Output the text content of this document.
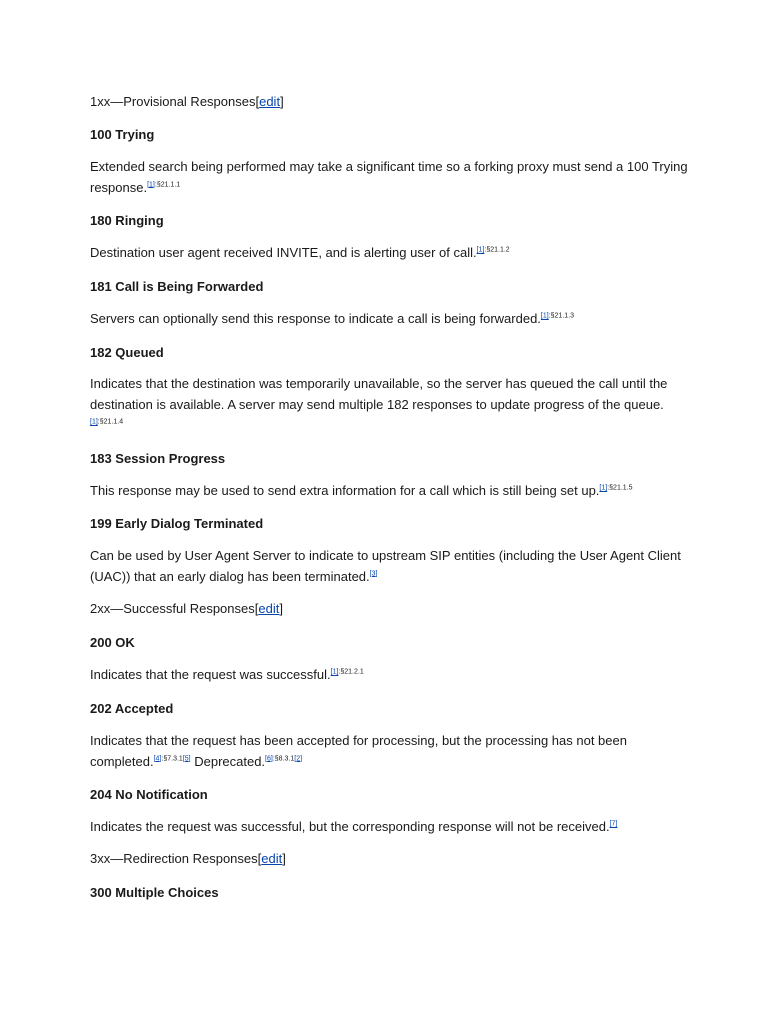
1xx—Provisional Responses[edit]
100 Trying
Extended search being performed may take a significant time so a forking proxy must send a 100 Trying response.$^{[1]:\S 21.1.1}$
180 Ringing
Destination user agent received INVITE, and is alerting user of call.$^{[1]:\S 21.1.2}$
181 Call is Being Forwarded
Servers can optionally send this response to indicate a call is being forwarded.$^{[1]:\S 21.1.3}$
182 Queued
Indicates that the destination was temporarily unavailable, so the server has queued the call until the destination is available. A server may send multiple 182 responses to update progress of the queue.$^{[1]:\S 21.1.4}$
183 Session Progress
This response may be used to send extra information for a call which is still being set up.$^{[1]:\S 21.1.5}$
199 Early Dialog Terminated
Can be used by User Agent Server to indicate to upstream SIP entities (including the User Agent Client (UAC)) that an early dialog has been terminated.[3]
2xx—Successful Responses[edit]
200 OK
Indicates that the request was successful.$^{[1]:\S 21.2.1}$
202 Accepted
Indicates that the request has been accepted for processing, but the processing has not been completed.[4]:§7.3.1[5] Deprecated.[6]:§8.3.1[2]
204 No Notification
Indicates the request was successful, but the corresponding response will not be received.[7]
3xx—Redirection Responses[edit]
300 Multiple Choices
